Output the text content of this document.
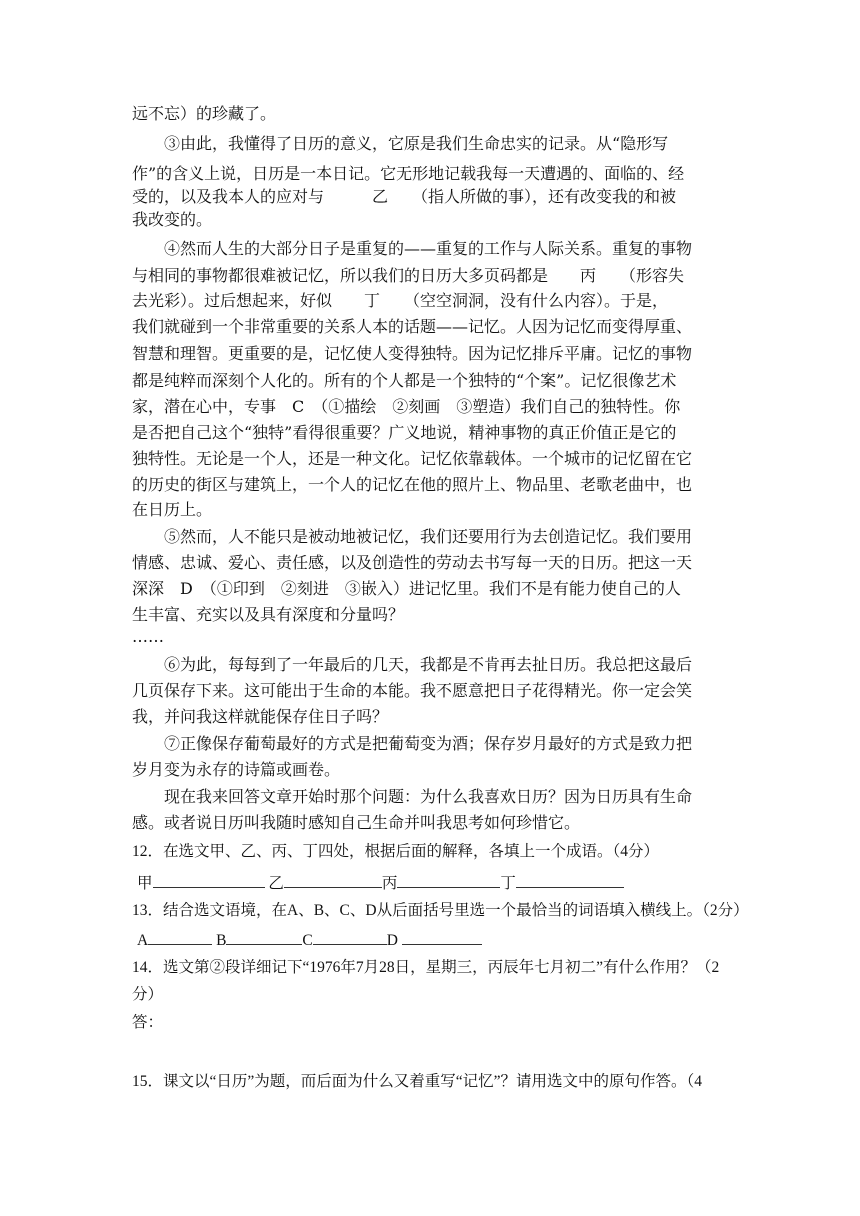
远不忘）的珍藏了。
③由此，我懂得了日历的意义，它原是我们生命忠实的记录。从“隐形写
作”的含义上说，日历是一本日记。它无形地记载我每一天遭遇的、面临的、经
受的，以及我本人的应对与　　　乙　　（指人所做的事），还有改变我的和被
我改变的。
④然而人生的大部分日子是重复的——重复的工作与人际关系。重复的事物
与相同的事物都很难被记忆，所以我们的日历大多页码都是　　丙　　（形容失
去光彩）。过后想起来，好似　　丁　　（空空洞洞，没有什么内容）。于是，
我们就碰到一个非常重要的关系人本的话题——记忆。人因为记忆而变得厚重、
智慧和理智。更重要的是，记忆使人变得独特。因为记忆排斥平庸。记忆的事物
都是纯粹而深刻个人化的。所有的个人都是一个独特的“个案”。记忆很像艺术
家，潜在心中，专事　C　（①描绘　②刻画　③塑造）我们自己的独特性。你
是否把自己这个“独特”看得很重要？广义地说，精神事物的真正价值正是它的
独特性。无论是一个人，还是一种文化。记忆依靠载体。一个城市的记忆留在它
的历史的街区与建筑上，一个人的记忆在他的照片上、物品里、老歌老曲中，也
在日历上。
⑤然而，人不能只是被动地被记忆，我们还要用行为去创造记忆。我们要用
情感、忠诚、爱心、责任感，以及创造性的劳动去书写每一天的日历。把这一天
深深　D　（①印到　②刻进　③嵌入）进记忆里。我们不是有能力使自己的人
生丰富、充实以及具有深度和分量吗？
……
⑥为此，每每到了一年最后的几天，我都是不肯再去扯日历。我总把这最后
几页保存下来。这可能出于生命的本能。我不愿意把日子花得精光。你一定会笑
我，并问我这样就能保存住日子吗？
⑦正像保存葡萄最好的方式是把葡萄变为酒；保存岁月最好的方式是致力把
岁月变为永存的诗篇或画卷。
现在我来回答文章开始时那个问题：为什么我喜欢日历？因为日历具有生命
感。或者说日历叫我随时感知自己生命并叫我思考如何珍惜它。
12．在选文甲、乙、丙、丁四处，根据后面的解释，各填上一个成语。（4分）
甲	乙	丙	丁
13．结合选文语境，在A、B、C、D从后面括号里选一个最恰当的词语填入横线上。（2分）
A	B	C	D
14．选文第②段详细记下“1976年7月28日，星期三，丙辰年七月初二”有什么作用？（2
分）
答：
15．课文以“日历”为题，而后面为什么又着重写“记忆”？请用选文中的原句作答。（4
